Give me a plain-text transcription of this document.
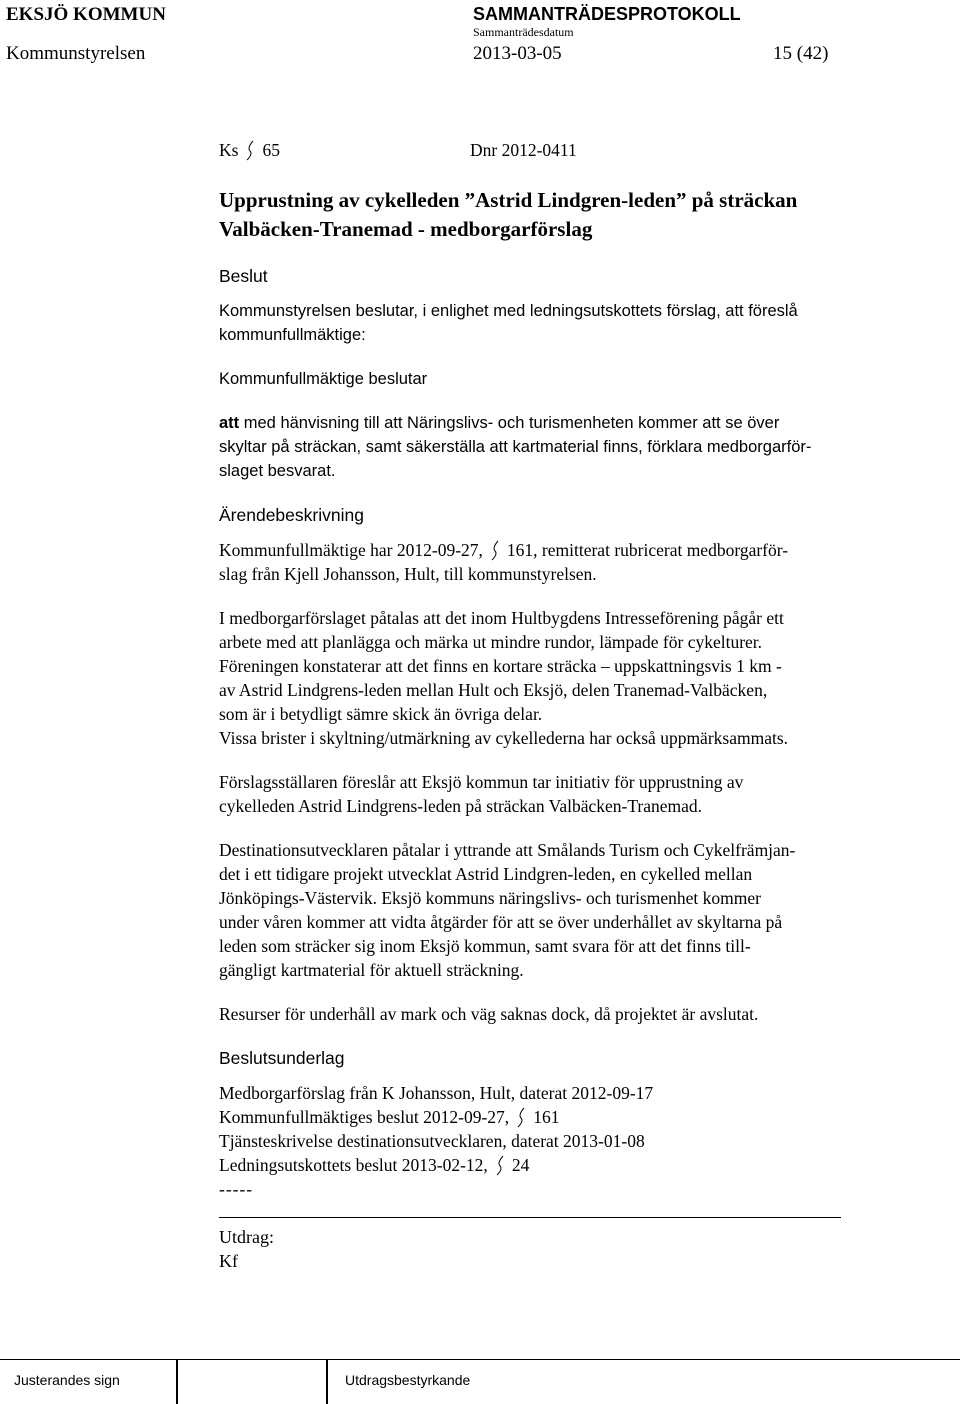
EKSJÖ KOMMUN	SAMMANTRÄDESPROTOKOLL
Sammanträdesdatum
Kommunstyrelsen	2013-03-05	15 (42)
Ks 65	Dnr 2012-0411
Upprustning av cykelleden ”Astrid Lindgren-leden” på sträckan
Valbäcken-Tranemad - medborgarförslag
Beslut
Kommunstyrelsen beslutar, i enlighet med ledningsutskottets förslag, att föreslå
kommunfullmäktige:
Kommunfullmäktige beslutar
att med hänvisning till att Näringslivs- och turismenheten kommer att se över
skyltar på sträckan, samt säkerställa att kartmaterial finns, förklara medborgarför-
slaget besvarat.
Ärendebeskrivning

Kommunfullmäktige har 2012-09-27, 161, remitterat rubricerat medborgarför-
slag från Kjell Johansson, Hult, till kommunstyrelsen.

I medborgarförslaget påtalas att det inom Hultbygdens Intresseförening pågår ett
arbete med att planlägga och märka ut mindre rundor, lämpade för cykelturer.
Föreningen konstaterar att det finns en kortare sträcka – uppskattningsvis 1 km -
av Astrid Lindgrens-leden mellan Hult och Eksjö, delen Tranemad-Valbäcken,
som är i betydligt sämre skick än övriga delar.
Vissa brister i skyltning/utmärkning av cykellederna har också uppmärksammats.

Förslagsställaren föreslår att Eksjö kommun tar initiativ för upprustning av
cykelleden Astrid Lindgrens-leden på sträckan Valbäcken-Tranemad.

Destinationsutvecklaren påtalar i yttrande att Smålands Turism och Cykelfrämjan-
det i ett tidigare projekt utvecklat Astrid Lindgren-leden, en cykelled mellan
Jönköpings-Västervik. Eksjö kommuns näringslivs- och turismenhet kommer
under våren kommer att vidta åtgärder för att se över underhållet av skyltarna på
leden som sträcker sig inom Eksjö kommun, samt svara för att det finns till-
gängligt kartmaterial för aktuell sträckning.

Resurser för underhåll av mark och väg saknas dock, då projektet är avslutat.

Beslutsunderlag

Medborgarförslag från K Johansson, Hult, daterat 2012-09-17

Kommunfullmäktiges beslut 2012-09-27, 161

Tjänsteskrivelse destinationsutvecklaren, daterat 2013-01-08

Ledningsutskottets beslut 2013-02-12, 24

-----

Utdrag:
Kf
Justerandes sign	Utdragsbestyrkande
